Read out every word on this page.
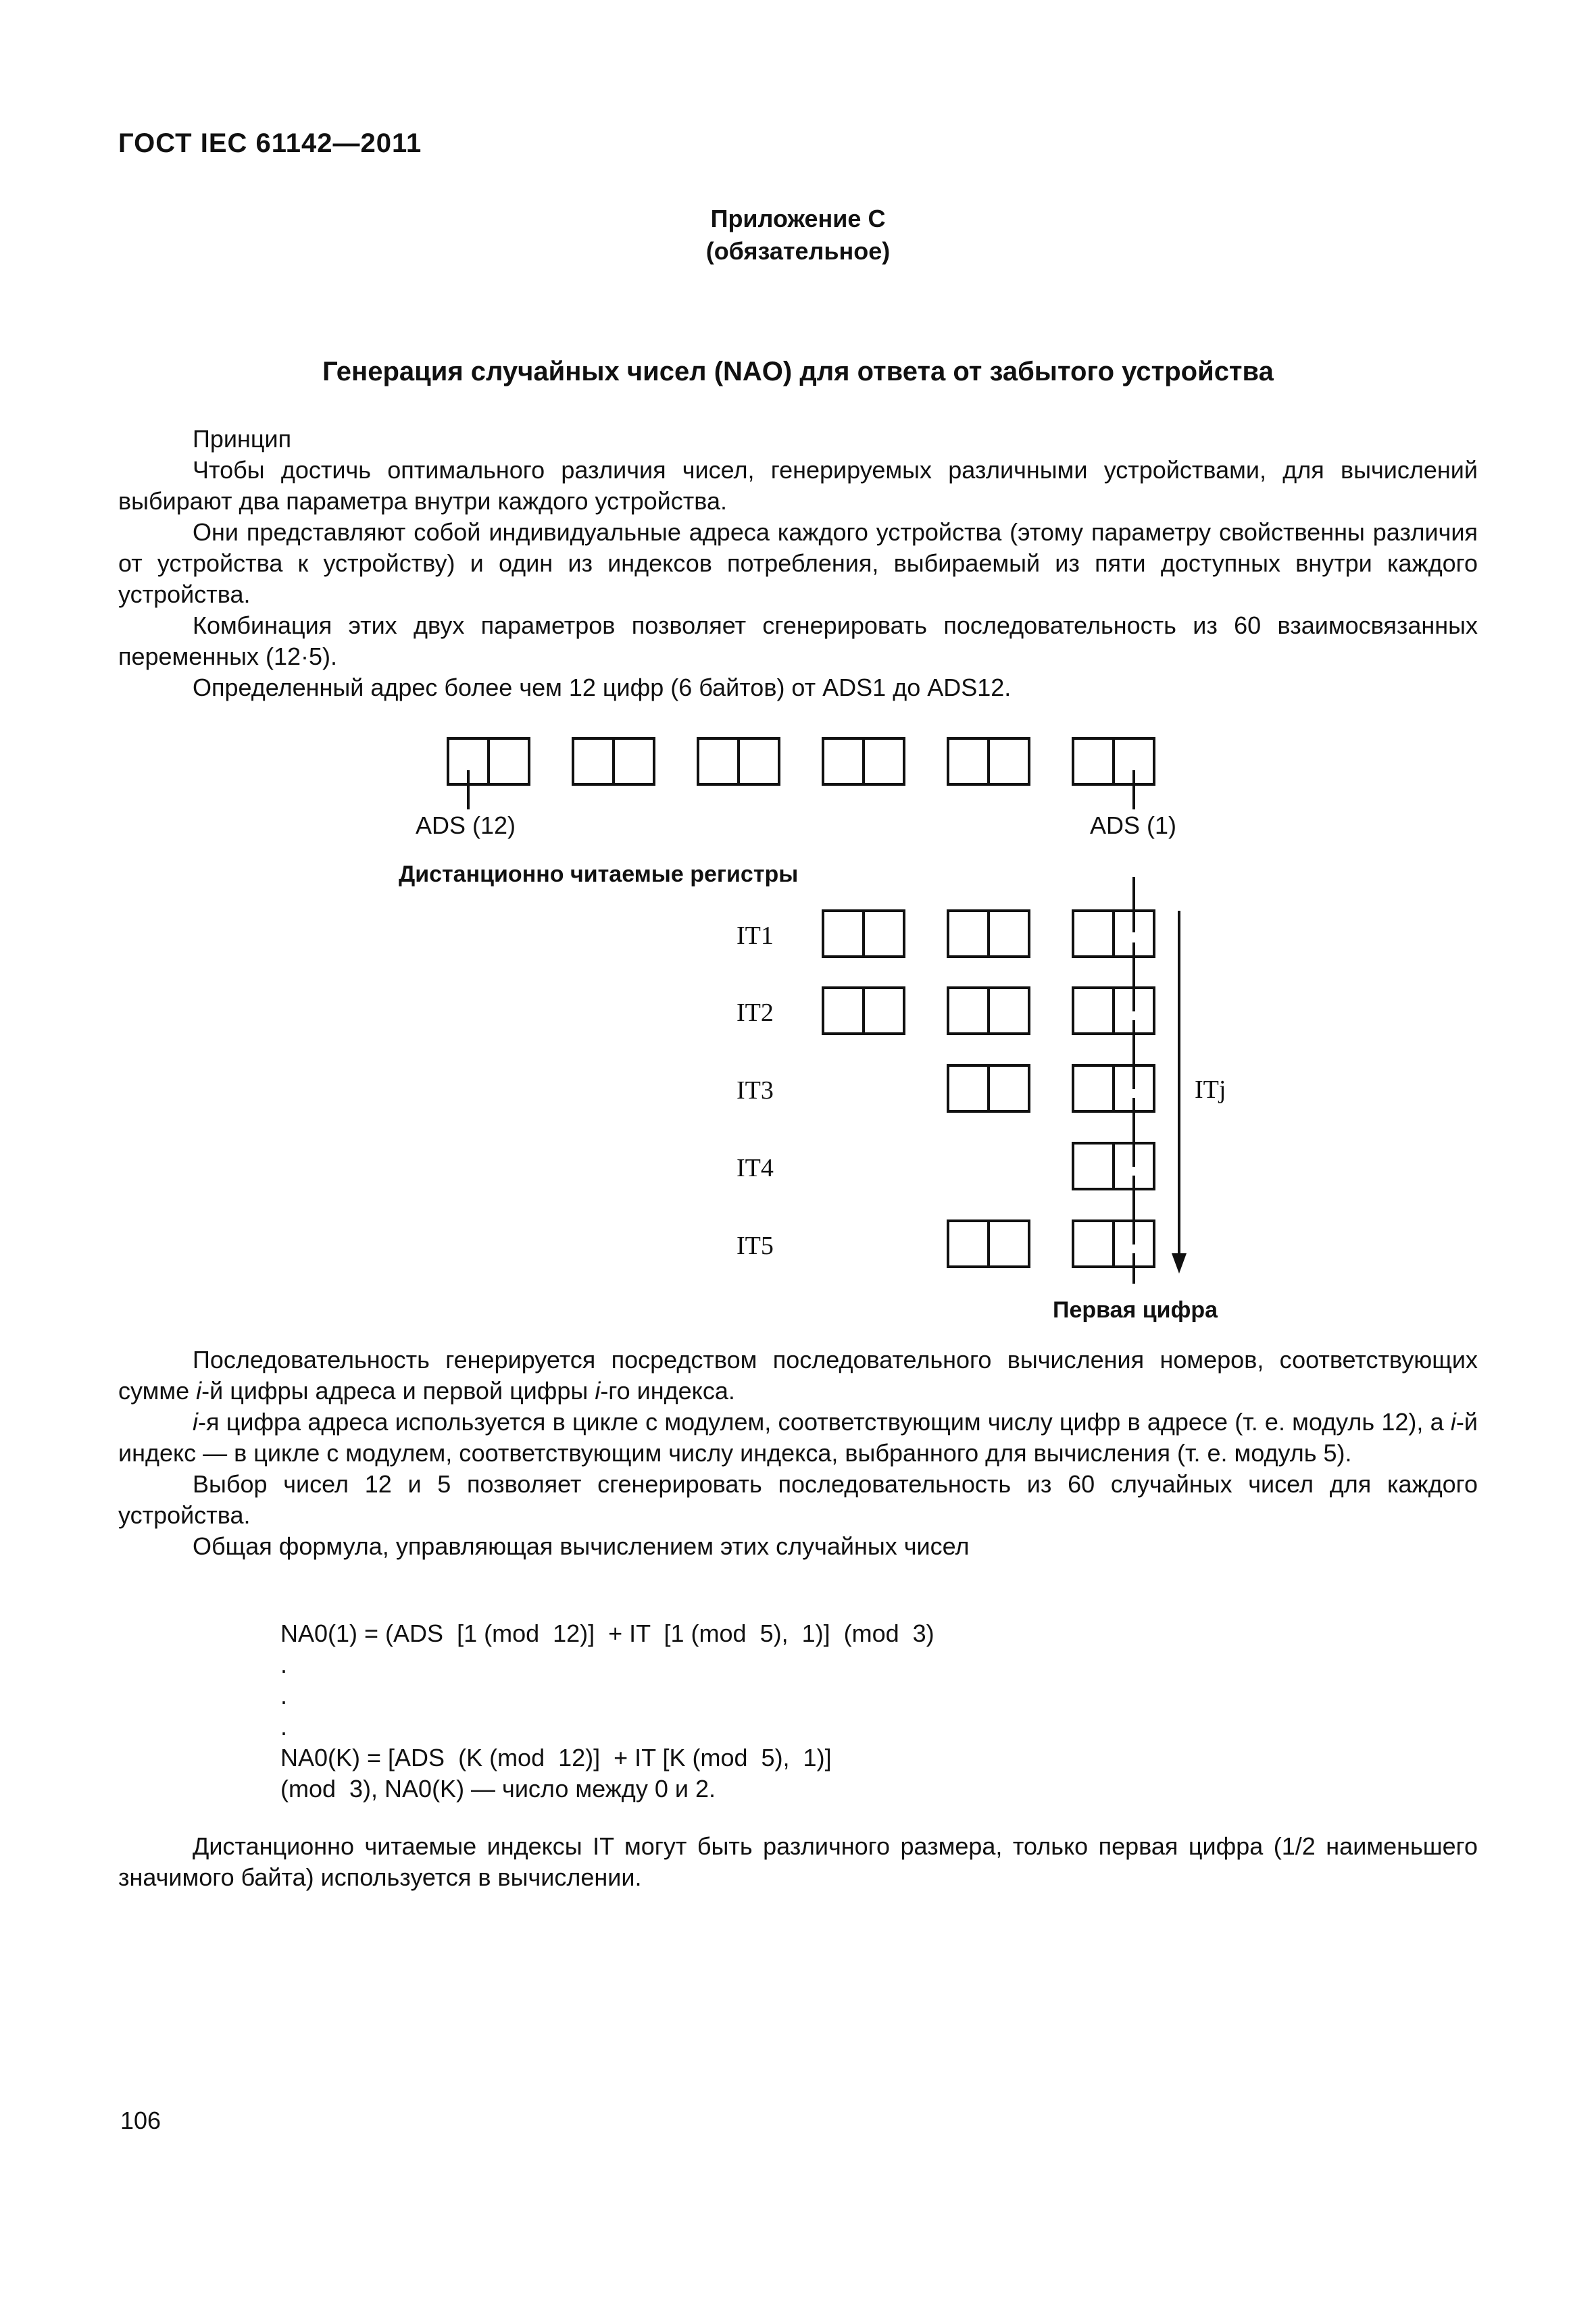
ГОСТ IEC 61142—2011
Приложение С
(обязательное)
Генерация случайных чисел (NAO) для ответа от забытого устройства

Принцип

Чтобы достичь оптимального различия чисел, генерируемых различными устройствами, для вычислений выбирают два параметра внутри каждого устройства.

Они представляют собой индивидуальные адреса каждого устройства (этому параметру свойственны различия от устройства к устройству) и один из индексов потребления, выбираемый из пяти доступных внутри каждого устройства.

Комбинация этих двух параметров позволяет сгенерировать последовательность из 60 взаимосвязанных переменных (12·5).

Определенный адрес более чем 12 цифр (6 байтов) от ADS1 до ADS12.

ADS (12)	ADS (1)
Дистанционно читаемые регистры
IT1
IT2
IT3
IT4
IT5
ITj
Первая цифра

Последовательность генерируется посредством последовательного вычисления номеров, соответствующих сумме i-й цифры адреса и первой цифры i-го индекса.

i-я цифра адреса используется в цикле с модулем, соответствующим числу цифр в адресе (т. е. модуль 12), а i-й индекс — в цикле с модулем, соответствующим числу индекса, выбранного для вычисления (т. е. модуль 5).

Выбор чисел 12 и 5 позволяет сгенерировать последовательность из 60 случайных чисел для каждого устройства.

Общая формула, управляющая вычислением этих случайных чисел

NA0(1) = (ADS  [1 (mod  12)]  + IT  [1 (mod  5),  1)]  (mod  3)
.
.
.
NA0(K) = [ADS  (K (mod  12)]  + IT [K (mod  5),  1)]
(mod  3), NA0(K) — число между 0 и 2.

Дистанционно читаемые индексы IT могут быть различного размера, только первая цифра (1/2 наименьшего значимого байта) используется в вычислении.

106
